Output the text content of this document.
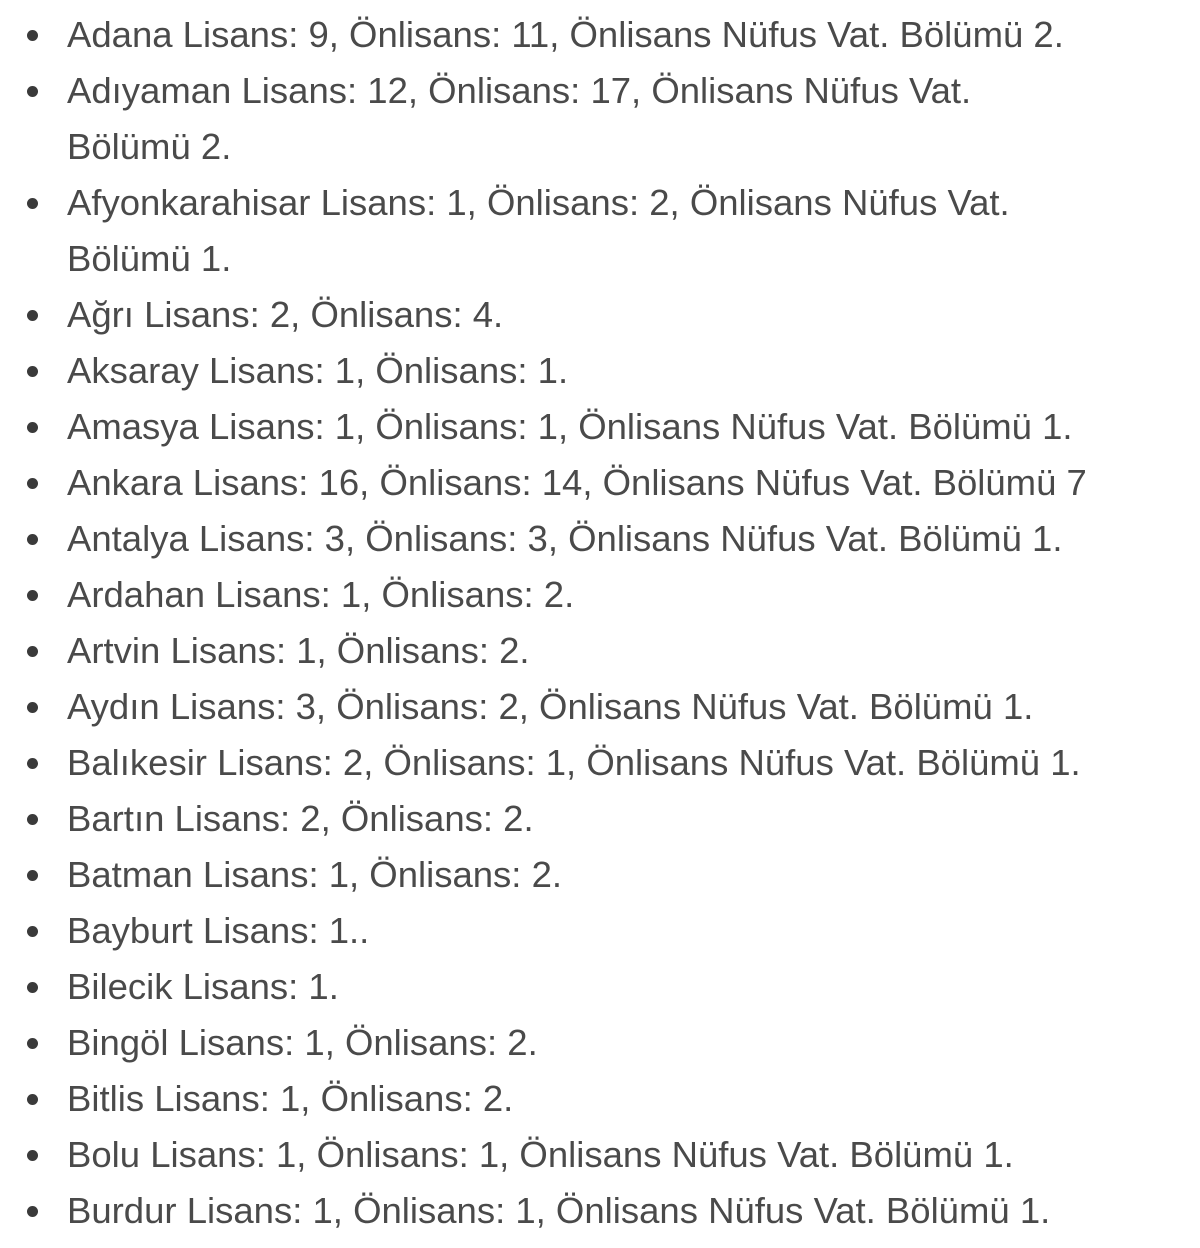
Adana Lisans: 9, Önlisans: 11, Önlisans Nüfus Vat. Bölümü 2.
Adıyaman Lisans: 12, Önlisans: 17, Önlisans Nüfus Vat.
Bölümü 2.
Afyonkarahisar Lisans: 1, Önlisans: 2, Önlisans Nüfus Vat.
Bölümü 1.
Ağrı Lisans: 2, Önlisans: 4.
Aksaray Lisans: 1, Önlisans: 1.
Amasya Lisans: 1, Önlisans: 1, Önlisans Nüfus Vat. Bölümü 1.
Ankara Lisans: 16, Önlisans: 14, Önlisans Nüfus Vat. Bölümü 7
Antalya Lisans: 3, Önlisans: 3, Önlisans Nüfus Vat. Bölümü 1.
Ardahan Lisans: 1, Önlisans: 2.
Artvin Lisans: 1, Önlisans: 2.
Aydın Lisans: 3, Önlisans: 2, Önlisans Nüfus Vat. Bölümü 1.
Balıkesir Lisans: 2, Önlisans: 1, Önlisans Nüfus Vat. Bölümü 1.
Bartın Lisans: 2, Önlisans: 2.
Batman Lisans: 1, Önlisans: 2.
Bayburt Lisans: 1..
Bilecik Lisans: 1.
Bingöl Lisans: 1, Önlisans: 2.
Bitlis Lisans: 1, Önlisans: 2.
Bolu Lisans: 1, Önlisans: 1, Önlisans Nüfus Vat. Bölümü 1.
Burdur Lisans: 1, Önlisans: 1, Önlisans Nüfus Vat. Bölümü 1.
